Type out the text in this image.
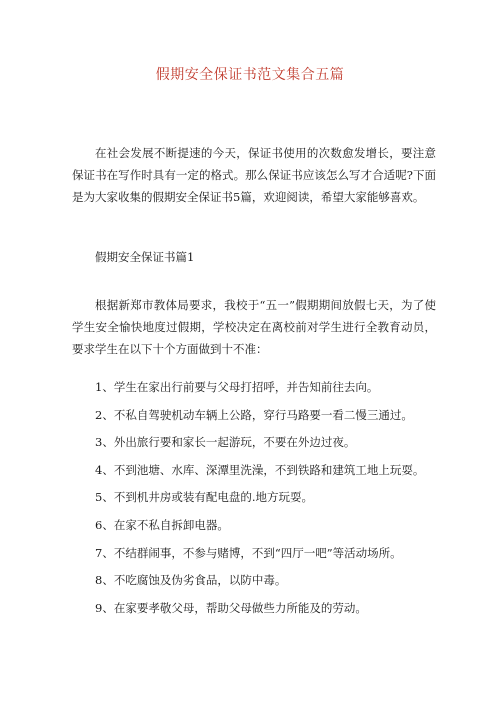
假期安全保证书范文集合五篇

在社会发展不断提速的今天，保证书使用的次数愈发增长，要注意保证书在写作时具有一定的格式。那么保证书应该怎么写才合适呢?下面是为大家收集的假期安全保证书5篇，欢迎阅读，希望大家能够喜欢。

假期安全保证书篇1

根据新郑市教体局要求，我校于“五一”假期期间放假七天，为了使学生安全愉快地度过假期，学校决定在离校前对学生进行全教育动员，要求学生在以下十个方面做到十不准：

1、学生在家出行前要与父母打招呼，并告知前往去向。
2、不私自驾驶机动车辆上公路，穿行马路要一看二慢三通过。
3、外出旅行要和家长一起游玩，不要在外边过夜。
4、不到池塘、水库、深潭里洗澡，不到铁路和建筑工地上玩耍。
5、不到机井房或装有配电盘的.地方玩耍。
6、在家不私自拆卸电器。
7、不结群闹事，不参与赌博，不到“四厅一吧”等活动场所。
8、不吃腐蚀及伪劣食品，以防中毒。
9、在家要孝敬父母，帮助父母做些力所能及的劳动。
